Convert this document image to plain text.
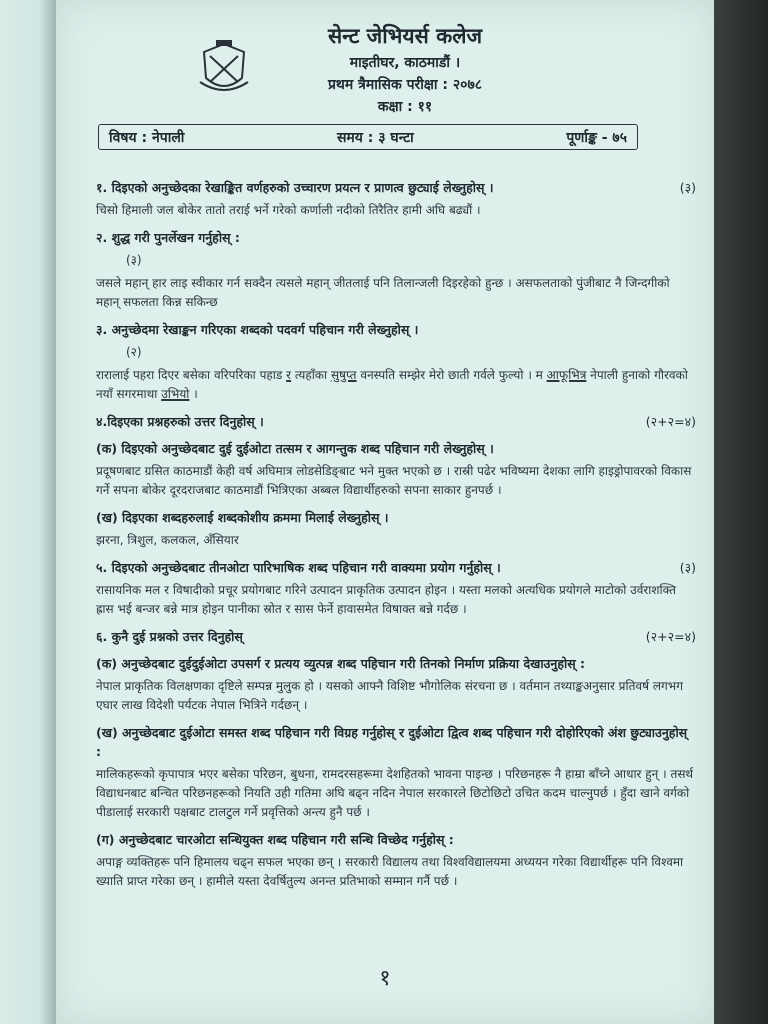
सेन्ट जेभियर्स कलेज
माइतीघर, काठमाडौं ।
प्रथम त्रैमासिक परीक्षा : २०७८
कक्षा : ११
विषय : नेपाली	समय : ३ घन्टा	पूर्णाङ्क - ७५
१. दिइएको अनुच्छेदका रेखाङ्कित वर्णहरुको उच्चारण प्रयत्न र प्राणत्व छुट्याई लेख्नुहोस् ।	(३)
चिसो हिमाली जल बोकेर तातो तराई भर्ने गरेको कर्णाली नदीको तिरैतिर हामी अघि बढ्यौं ।
२. शुद्ध गरी पुनर्लेखन गर्नुहोस् :
(३)
जसले महान् हार लाइ स्वीकार गर्न सक्दैन त्यसले महान् जीतलाई पनि तिलान्जली दिइरहेको हुन्छ । असफलताको पुंजीबाट नै जिन्दगीको महान् सफलता किन्न सकिन्छ
३. अनुच्छेदमा रेखाङ्कन गरिएका शब्दको पदवर्ग पहिचान गरी लेख्नुहोस् ।
(२)
रारालाई पहरा दिएर बसेका वरिपरिका पहाड र त्यहाँका सुषुप्त वनस्पति सम्झेर मेरो छाती गर्वले फुल्यो । म आफूभित्र नेपाली हुनाको गौरवको नयाँ सगरमाथा उभियो ।
४.दिइएका प्रश्नहरुको उत्तर दिनुहोस् ।	(२+२=४)
(क) दिइएको अनुच्छेदबाट दुई दुईओटा तत्सम र आगन्तुक शब्द पहिचान गरी लेख्नुहोस् ।
प्रदूषणबाट ग्रसित काठमाडौं केही वर्ष अघिमात्र लोडसेडिङ्बाट भने मुक्त भएको छ । रास्री पढेर भविष्यमा देशका लागि हाइड्रोपावरको विकास गर्ने सपना बोकेर दूरदराजबाट काठमाडौं भित्रिएका अब्बल विद्यार्थीहरुको सपना साकार हुनपर्छ ।
(ख) दिइएका शब्दहरुलाई शब्दकोशीय क्रममा मिलाई लेख्नुहोस् ।
झरना, त्रिशुल, कलकल, अँसियार
५. दिइएको अनुच्छेदबाट तीनओटा पारिभाषिक शब्द पहिचान गरी वाक्यमा प्रयोग गर्नुहोस् ।	(३)
रासायनिक मल र विषादीको प्रचूर प्रयोगबाट गरिने उत्पादन प्राकृतिक उत्पादन होइन । यस्ता मलको अत्यधिक प्रयोगले माटोको उर्वराशक्ति ह्रास भई बन्जर बन्ने मात्र होइन पानीका स्रोत र सास फेर्ने हावासमेत विषाक्त बन्ने गर्दछ ।
६. कुनै दुई प्रश्नको उत्तर दिनुहोस्	(२+२=४)
(क) अनुच्छेदबाट दुईदुईओटा उपसर्ग र प्रत्यय व्युत्पन्न शब्द पहिचान गरी तिनको निर्माण प्रक्रिया देखाउनुहोस् :
नेपाल प्राकृतिक विलक्षणका दृष्टिले सम्पन्न मुलुक हो । यसको आफ्नै विशिष्ट भौगोलिक संरचना छ । वर्तमान तथ्याङ्कअनुसार प्रतिवर्ष लगभग एघार लाख विदेशी पर्यटक नेपाल भित्रिने गर्दछन् ।
(ख) अनुच्छेदबाट दुईओटा समस्त शब्द पहिचान गरी विग्रह गर्नुहोस् र दुईओटा द्वित्व शब्द पहिचान गरी दोहोरिएको अंश छुट्याउनुहोस् :
मालिकहरूको कृपापात्र भएर बसेका परिछन, बुधना, रामदरसहरूमा देशहितको भावना पाइन्छ । परिछनहरू नै हाम्रा बाँच्ने आधार हुन् । तसर्थ विद्याधनबाट बन्चित परिछनहरूको नियति उही गतिमा अघि बढ्न नदिन नेपाल सरकारले छिटोछिटो उचित कदम चाल्नुपर्छ । हुँदा खाने वर्गको पीडालाई सरकारी पक्षबाट टालटुल गर्ने प्रवृत्तिको अन्त्य हुनै पर्छ ।
(ग) अनुच्छेदबाट चारओटा सन्धियुक्त शब्द पहिचान गरी सन्धि विच्छेद गर्नुहोस् :
अपाङ्ग व्यक्तिहरू पनि हिमालय चढ्न सफल भएका छन् । सरकारी विद्यालय तथा विश्वविद्यालयमा अध्ययन गरेका विद्यार्थीहरू पनि विश्वमा ख्याति प्राप्त गरेका छन् । हामीले यस्ता देवर्षितुल्य अनन्त प्रतिभाको सम्मान गर्नै पर्छ ।
१
